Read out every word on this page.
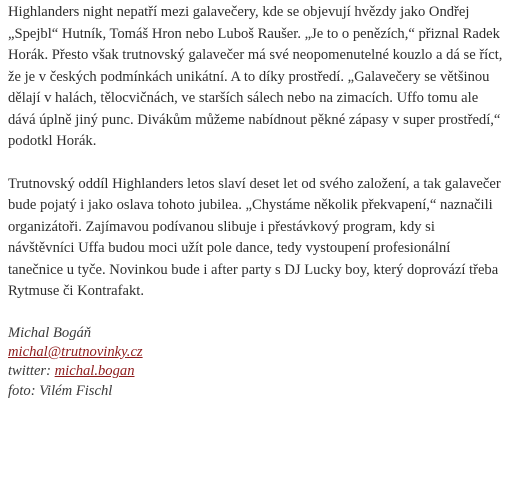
Highlanders night nepatří mezi galavečery, kde se objevují hvězdy jako Ondřej „Spejbl“ Hutník, Tomáš Hron nebo Luboš Raušer. „Je to o penězích,“ přiznal Radek Horák. Přesto však trutnovský galavečer má své neopomenutelné kouzlo a dá se říct, že je v českých podmínkách unikátní. A to díky prostředí. „Galavečery se většinou dělají v halách, tělocvičnách, ve starších sálech nebo na zimacích. Uffo tomu ale dává úplně jiný punc. Divákům můžeme nabídnout pěkné zápasy v super prostředí,“ podotkl Horák.

Trutnovský oddíl Highlanders letos slaví deset let od svého založení, a tak galavečer bude pojatý i jako oslava tohoto jubilea. „Chystáme několik překvapení,“ naznačili organizátoři. Zajímavou podívanou slibuje i přestávkový program, kdy si návštěvníci Uffa budou moci užít pole dance, tedy vystoupení profesionální tanečnice u tyče. Novinkou bude i after party s DJ Lucky boy, který doprovází třeba Rytmuse či Kontrafakt.

Michal Bogáň
michal@trutnovinky.cz
twitter: michal.bogan
foto: Vilém Fischl
